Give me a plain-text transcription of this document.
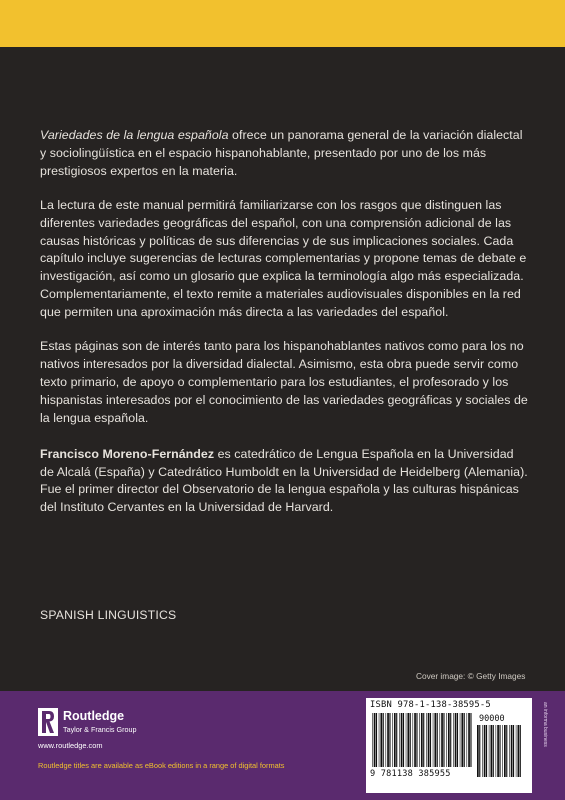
Variedades de la lengua española ofrece un panorama general de la variación dialectal y sociolingüística en el espacio hispanohablante, presentado por uno de los más prestigiosos expertos en la materia.

La lectura de este manual permitirá familiarizarse con los rasgos que distinguen las diferentes variedades geográficas del español, con una comprensión adicional de las causas históricas y políticas de sus diferencias y de sus implicaciones sociales. Cada capítulo incluye sugerencias de lecturas complementarias y propone temas de debate e investigación, así como un glosario que explica la terminología algo más especializada. Complementariamente, el texto remite a materiales audiovisuales disponibles en la red que permiten una aproximación más directa a las variedades del español.

Estas páginas son de interés tanto para los hispanohablantes nativos como para los no nativos interesados por la diversidad dialectal. Asimismo, esta obra puede servir como texto primario, de apoyo o complementario para los estudiantes, el profesorado y los hispanistas interesados por el conocimiento de las variedades geográficas y sociales de la lengua española.

Francisco Moreno-Fernández es catedrático de Lengua Española en la Universidad de Alcalá (España) y Catedrático Humboldt en la Universidad de Heidelberg (Alemania). Fue el primer director del Observatorio de la lengua española y las culturas hispánicas del Instituto Cervantes en la Universidad de Harvard.

SPANISH LINGUISTICS
Cover image: © Getty Images
Routledge
Taylor & Francis Group
www.routledge.com
Routledge titles are available as eBook editions in a range of digital formats
ISBN 978-1-138-38595-5
90000
9 781138 385955
an informa business
